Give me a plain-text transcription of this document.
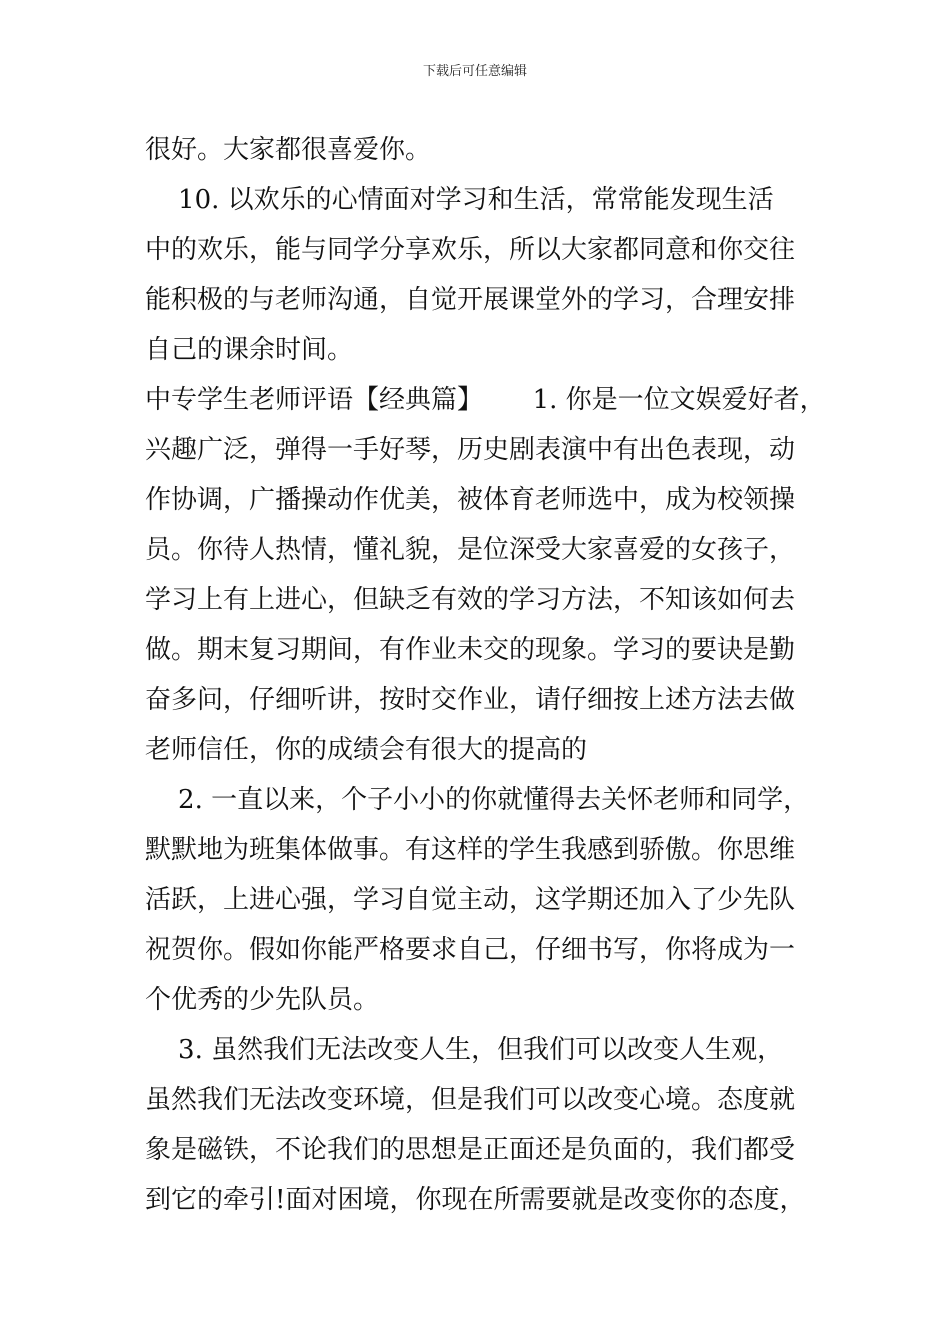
下载后可任意编辑
很好。大家都很喜爱你。
10. 以欢乐的心情面对学习和生活，常常能发现生活
中的欢乐，能与同学分享欢乐，所以大家都同意和你交往
能积极的与老师沟通，自觉开展课堂外的学习，合理安排
自己的课余时间。
中专学生老师评语【经典篇】      1. 你是一位文娱爱好者，
兴趣广泛，弹得一手好琴，历史剧表演中有出色表现，动
作协调，广播操动作优美，被体育老师选中，成为校领操
员。你待人热情，懂礼貌，是位深受大家喜爱的女孩子，
学习上有上进心，但缺乏有效的学习方法，不知该如何去
做。期末复习期间，有作业未交的现象。学习的要诀是勤
奋多问，仔细听讲，按时交作业，请仔细按上述方法去做
老师信任，你的成绩会有很大的提高的
2. 一直以来，个子小小的你就懂得去关怀老师和同学，
默默地为班集体做事。有这样的学生我感到骄傲。你思维
活跃，上进心强，学习自觉主动，这学期还加入了少先队
祝贺你。假如你能严格要求自己，仔细书写，你将成为一
个优秀的少先队员。
3. 虽然我们无法改变人生，但我们可以改变人生观，
虽然我们无法改变环境，但是我们可以改变心境。态度就
象是磁铁，不论我们的思想是正面还是负面的，我们都受
到它的牵引!面对困境，你现在所需要就是改变你的态度，
